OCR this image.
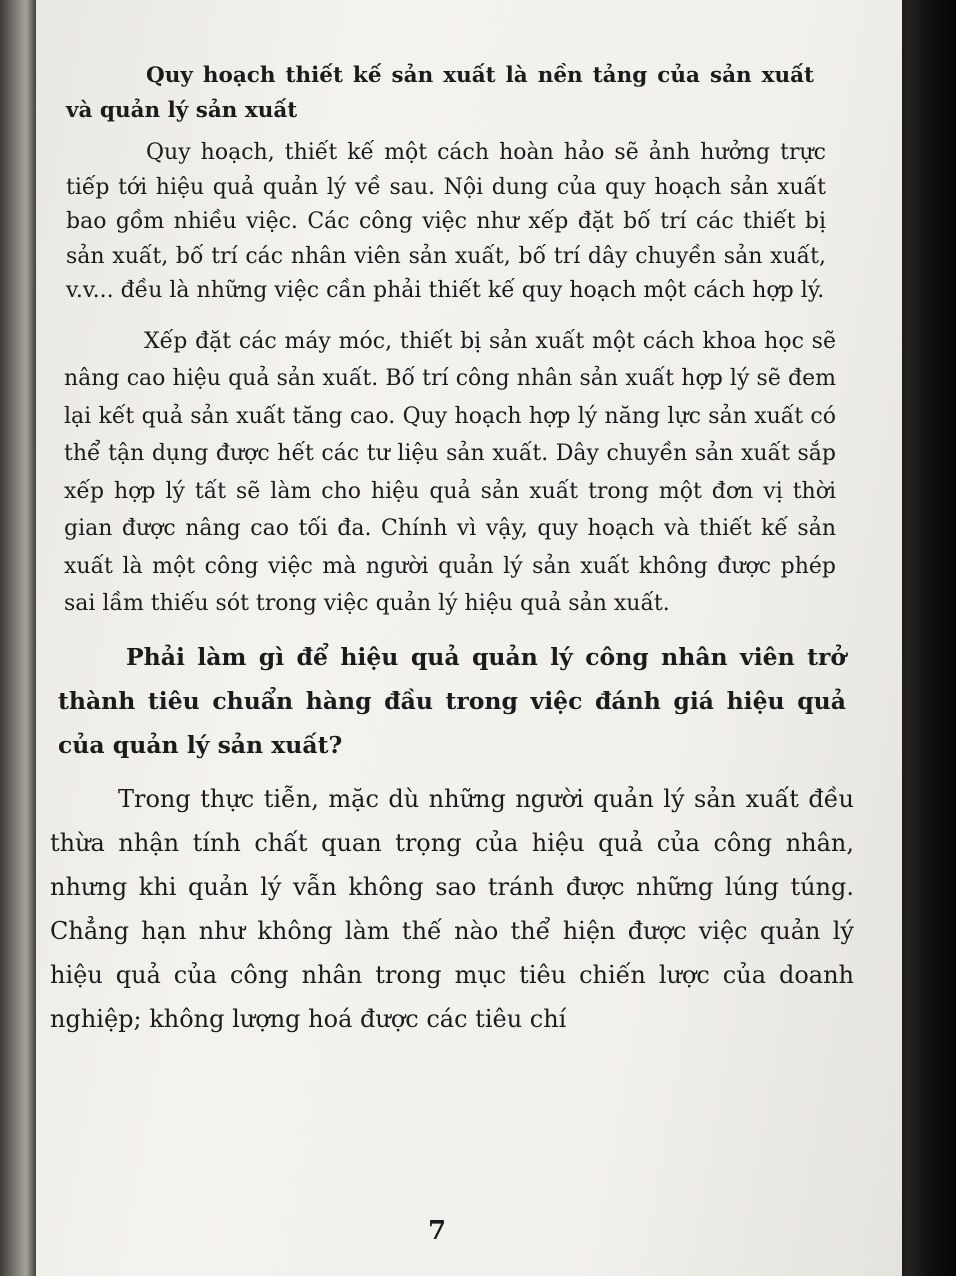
Quy hoạch thiết kế sản xuất là nền tảng của sản xuất và quản lý sản xuất

Quy hoạch, thiết kế một cách hoàn hảo sẽ ảnh hưởng trực tiếp tới hiệu quả quản lý về sau. Nội dung của quy hoạch sản xuất bao gồm nhiều việc. Các công việc như xếp đặt bố trí các thiết bị sản xuất, bố trí các nhân viên sản xuất, bố trí dây chuyền sản xuất, v.v... đều là những việc cần phải thiết kế quy hoạch một cách hợp lý.

Xếp đặt các máy móc, thiết bị sản xuất một cách khoa học sẽ nâng cao hiệu quả sản xuất. Bố trí công nhân sản xuất hợp lý sẽ đem lại kết quả sản xuất tăng cao. Quy hoạch hợp lý năng lực sản xuất có thể tận dụng được hết các tư liệu sản xuất. Dây chuyền sản xuất sắp xếp hợp lý tất sẽ làm cho hiệu quả sản xuất trong một đơn vị thời gian được nâng cao tối đa. Chính vì vậy, quy hoạch và thiết kế sản xuất là một công việc mà người quản lý sản xuất không được phép sai lầm thiếu sót trong việc quản lý hiệu quả sản xuất.

Phải làm gì để hiệu quả quản lý công nhân viên trở thành tiêu chuẩn hàng đầu trong việc đánh giá hiệu quả của quản lý sản xuất?

Trong thực tiễn, mặc dù những người quản lý sản xuất đều thừa nhận tính chất quan trọng của hiệu quả của công nhân, nhưng khi quản lý vẫn không sao tránh được những lúng túng. Chẳng hạn như không làm thế nào thể hiện được việc quản lý hiệu quả của công nhân trong mục tiêu chiến lược của doanh nghiệp; không lượng hoá được các tiêu chí

7
